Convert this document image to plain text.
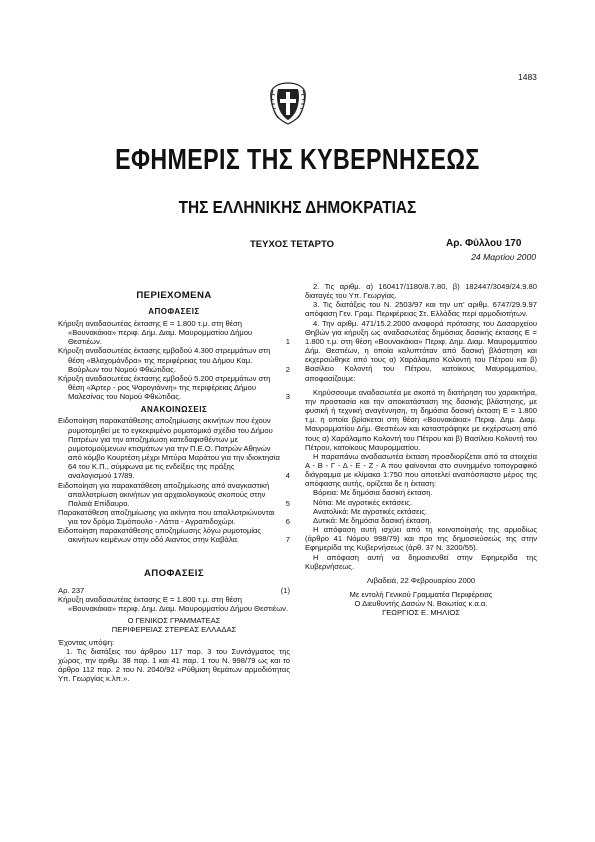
1483
ΕΦΗΜΕΡΙΣ ΤΗΣ ΚΥΒΕΡΝΗΣΕΩΣ
ΤΗΣ ΕΛΛΗΝΙΚΗΣ ΔΗΜΟΚΡΑΤΙΑΣ
ΤΕΥΧΟΣ ΤΕΤΑΡΤΟ	Αρ. Φύλλου 170
24 Μαρτίου 2000
ΠΕΡΙΕΧΟΜΕΝΑ
ΑΠΟΦΑΣΕΙΣ
Κήρυξη αναδασωτέας έκτασης Ε = 1.800 τ.μ. στη θέση «Βουνακάκια» περιφ. Δημ. Διαμ. Μαυρομματίου Δήμου Θεστιέων.	1
Κήρυξη αναδασωτέας έκτασης εμβαδού 4.300 στρεμμάτων στη θέση «Βλαχομάνδρα» της περιφέρειας του Δήμου Καμ. Βούρλων του Νομού Φθιώτιδας.	2
Κήρυξη αναδασωτέας έκτασης εμβαδού 5.200 στρεμμάτων στη θέση «Άρτερ - ρος Ψαρογιάννη» της περιφέρειας Δήμου Μαλεσίνας του Νομού Φθιώτιδας.	3
ΑΝΑΚΟΙΝΩΣΕΙΣ
Ειδοποίηση παρακατάθεσης αποζημίωσης ακινήτων που έχουν ρυμοτομηθεί με το εγκεκριμένο ρυμοτομικό σχέδιο του Δήμου Πατρέων για την αποζημίωση κατεδαφισθέντων με ρυμοτομούμενων κτισμάτων για την Π.Ε.Ο. Πατρών Αθηνών από κόμβο Κουρτέση μέχρι Μπύρα Μαράτου για την ιδιοκτησία 64 του Κ.Π., σύμφωνα με τις ενδείξεις της πράξης αναλογισμού 17/89.	4
Ειδοποίηση για παρακατάθεση αποζημίωσης από αναγκαστική απαλλοτρίωση ακινήτων για αρχαιολογικούς σκοπούς στην Παλαιά Επίδαυρο.	5
Παρακατάθεση αποζημίωσης για ακίνητα που απαλλοτριώνονται για τον δρόμο Σιμόπουλο - Λάττα - Αγραπιδοχώρι.	6
Ειδοποίηση παρακατάθεσης αποζημίωσης λόγω ρυμοτομίας ακινήτων κειμένων στην οδό Αιαντος στην Καβάλα.	7
ΑΠΟΦΑΣΕΙΣ
Αρ. 237	(1)
Κήρυξη αναδασωτέας έκτασης Ε = 1.800 τ.μ. στη θέση «Βουνακάκια» περιφ. Δημ. Διαμ. Μαυρομματίου Δήμου Θεστιέων.
Ο ΓΕΝΙΚΟΣ ΓΡΑΜΜΑΤΕΑΣ
ΠΕΡΙΦΕΡΕΙΑΣ ΣΤΕΡΕΑΣ ΕΛΛΑΔΑΣ
Έχοντας υπόψη:
1. Τις διατάξεις του άρθρου 117 παρ. 3 του Συντάγματος της χώρας, την αριθμ. 38 παρ. 1 και 41 παρ. 1 του Ν. 998/79 ως και το άρθρο 112 παρ. 2 του Ν. 2040/92 «Ρύθμιση θεμάτων αρμοδιότητας Υπ. Γεωργίας κ.λπ.».
2. Τις αριθμ. α) 160417/1180/8.7.80, β) 182447/3049/24.9.80 διαταγές του Υπ. Γεωργίας.
3. Τις διατάξεις του Ν. 2503/97 και την υπ' αριθμ. 6747/29.9.97 απόφαση Γεν. Γραμ. Περιφέρειας Στ. Ελλάδας περί αρμοδιοτήτων.
4. Την αριθμ. 471/15.2.2000 αναφορά πρότασης του Δασαρχείου Θηβών για κήρυξη ως αναδασωτέας δημόσιας δασικής έκτασης Ε = 1.800 τ.μ. στη θέση «Βουνακάκια» Περιφ. Δημ. Διαμ. Μαυρομματίου Δήμ. Θεστιέων, η οποία καλυπτόταν από δασική βλάστηση και εκχερσώθηκε από τους α) Χαράλαμπο Κολοντή του Πέτρου και β) Βασίλειο Κολοντή του Πέτρου, κατοίκους Μαυρομματίου, αποφασίζουμε:
Κηρύσσουμε αναδασωτέα με σκοπό τη διατήρηση του χαρακτήρα, την προστασία και την αποκατάσταση της δασικής βλάστησης, με φυσική ή τεχνική αναγέννηση, τη δημόσια δασική έκταση Ε = 1.800 τ.μ. η οποία βρίσκεται στη θέση «Βουνακάκια» Περιφ. Δημ. Διαμ. Μαυρομματίου Δήμ. Θεστιέων και καταστράφηκε με εκχέρσωση από τους α) Χαράλαμπο Κολοντή του Πέτρου και β) Βασίλειο Κολοντή του Πέτρου, κατοίκους Μαυρομματίου.
Η παραπάνω αναδασωτέα έκταση προσδιορίζεται από τα στοιχεία Α - Β - Γ - Δ - Ε - Ζ - Α που φαίνονται στο συνημμένο τοπογραφικό διάγραμμα με κλίμακα 1:750 που αποτελεί αναπόσπαστο μέρος της απόφασης αυτής, ορίζεται δε η έκταση:
Βόρεια: Με δημόσια δασική έκταση.
Νότια: Με αγροτικές εκτάσεις.
Ανατολικά: Με αγροτικές εκτάσεις.
Δυτικά: Με δημόσια δασική έκταση.
Η απόφαση αυτή ισχύει από τη κοινοποίησής της αρμοδίως (άρθρο 41 Νόμου 998/79) και προ της δημοσιεύσεώς της στην Εφημερίδα της Κυβερνήσεως (άρθ. 37 Ν. 3200/55).
Η απόφαση αυτή να δημοσιευθεί στην Εφημερίδα της Κυβερνήσεως.
Λιβαδειά, 22 Φεβρουαρίου 2000
Με εντολή Γενικού Γραμματέα Περιφέρειας
Ο Διευθυντής Δασών Ν. Βοιωτίας κ.α.α.
ΓΕΩΡΓΙΟΣ Ε. ΜΗΛΙΟΣ
